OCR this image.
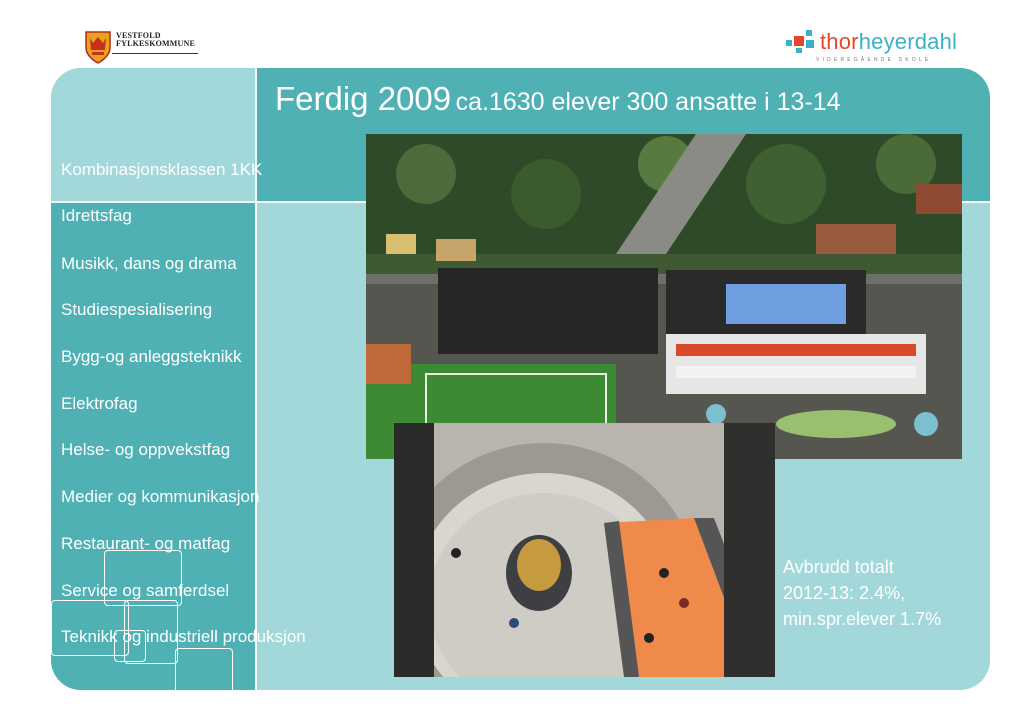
VESTFOLD
FYLKESKOMMUNE	thorheyerdahl
VIDEREGÅENDE SKOLE
Ferdig 2009 ca.1630 elever 300 ansatte i 13-14
Kombinasjonsklassen 1KK
Idrettsfag
Musikk, dans og drama
Studiespesialisering
Bygg-og anleggsteknikk
Elektrofag
Helse- og oppvekstfag
Medier og kommunikasjon
Restaurant- og matfag
Service og samferdsel
Teknikk og industriell produksjon
Avbrudd totalt
2012-13: 2.4%,
min.spr.elever 1.7%
